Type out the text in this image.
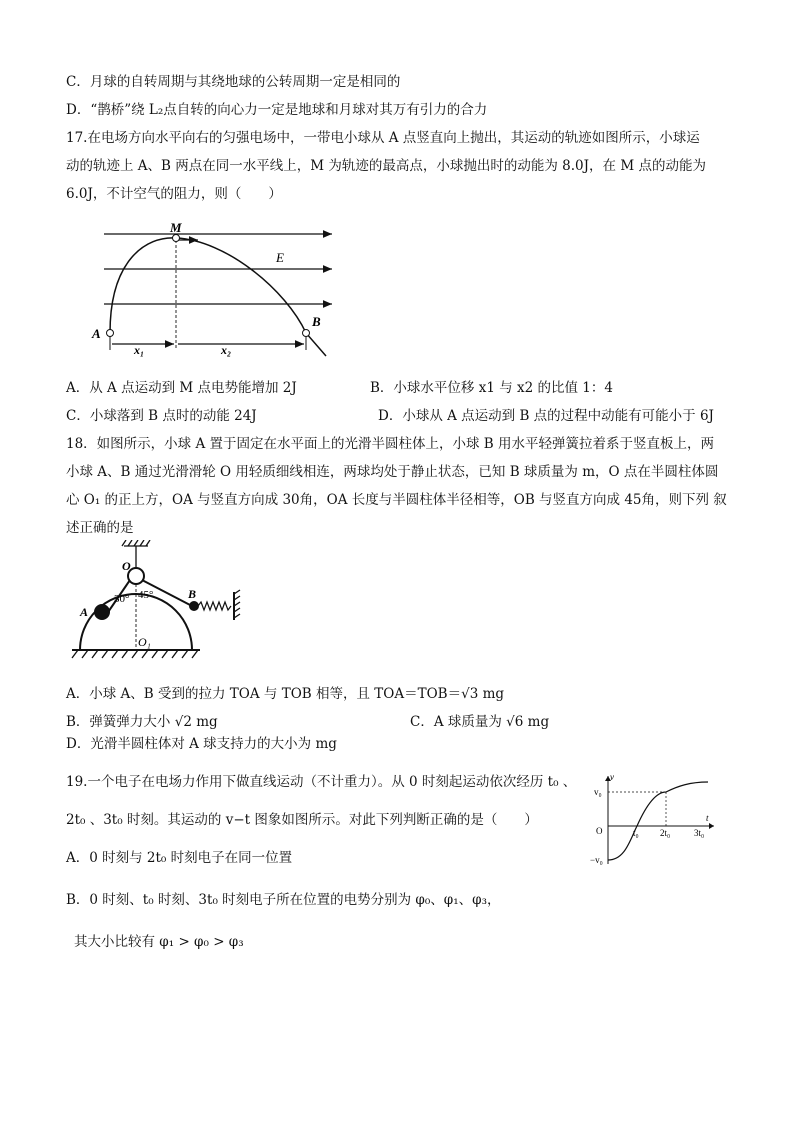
C．月球的自转周期与其绕地球的公转周期一定是相同的
D．“鹊桥”绕 L₂点自转的向心力一定是地球和月球对其万有引力的合力
17.在电场方向水平向右的匀强电场中，一带电小球从 A 点竖直向上抛出，其运动的轨迹如图所示，小球运
动的轨迹上 A、B 两点在同一水平线上，M 为轨迹的最高点，小球抛出时的动能为 8.0J，在 M 点的动能为
6.0J，不计空气的阻力，则（　　）
M
E
A
B
x₁	x₂
A．从 A 点运动到 M 点电势能增加 2J	B．小球水平位移 x1 与 x2 的比值 1：4
C．小球落到 B 点时的动能 24J	D．小球从 A 点运动到 B 点的过程中动能有可能小于 6J
18．如图所示，小球 A 置于固定在水平面上的光滑半圆柱体上，小球 B 用水平轻弹簧拉着系于竖直板上，两
小球 A、B 通过光滑滑轮 O 用轻质细线相连，两球均处于静止状态，已知 B 球质量为 m，O 点在半圆柱体圆
心 O₁ 的正上方，OA 与竖直方向成 30角，OA 长度与半圆柱体半径相等，OB 与竖直方向成 45角，则下列 叙
述正确的是
O
A
B
O₁
30° 45°
A．小球 A、B 受到的拉力 TOA 与 TOB 相等，且 TOA＝TOB＝√3 mg
B．弹簧弹力大小 √2 mg	C．A 球质量为 √6 mg
D．光滑半圆柱体对 A 球支持力的大小为 mg
19.一个电子在电场力作用下做直线运动（不计重力）。从 0 时刻起运动依次经历 t₀ 、
2t₀ 、3t₀ 时刻。其运动的 v−t 图象如图所示。对此下列判断正确的是（　　）
v
t
O
v₀
−v₀
t₀ 2t₀	3t₀
A．0 时刻与 2t₀ 时刻电子在同一位置
B．0 时刻、t₀ 时刻、3t₀ 时刻电子所在位置的电势分别为 φ₀、φ₁、φ₃，
其大小比较有 φ₁ > φ₀ > φ₃
